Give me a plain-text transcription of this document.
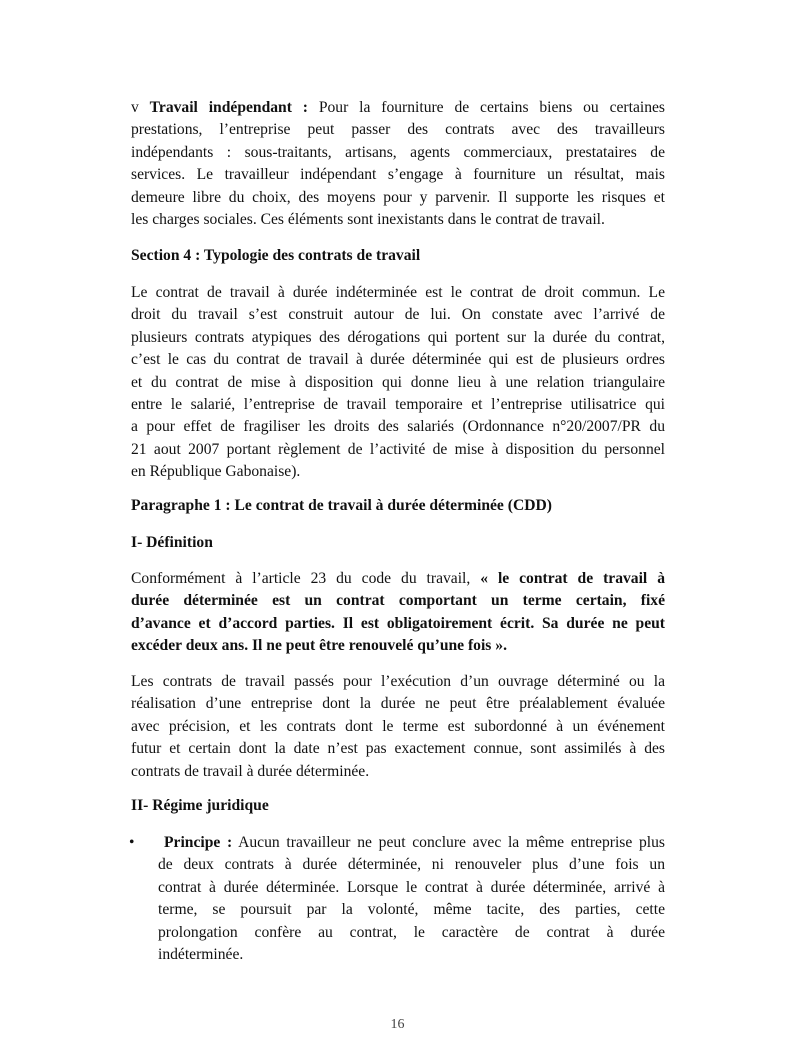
v Travail indépendant : Pour la fourniture de certains biens ou certaines
prestations, l’entreprise peut passer des contrats avec des travailleurs
indépendants : sous-traitants, artisans, agents commerciaux, prestataires de
services. Le travailleur indépendant s’engage à fourniture un résultat, mais
demeure libre du choix, des moyens pour y parvenir. Il supporte les risques et
les charges sociales. Ces éléments sont inexistants dans le contrat de travail.
Section 4 : Typologie des contrats de travail
Le contrat de travail à durée indéterminée est le contrat de droit commun. Le
droit du travail s’est construit autour de lui. On constate avec l’arrivé de
plusieurs contrats atypiques des dérogations qui portent sur la durée du contrat,
c’est le cas du contrat de travail à durée déterminée qui est de plusieurs ordres
et du contrat de mise à disposition qui donne lieu à une relation triangulaire
entre le salarié, l’entreprise de travail temporaire et l’entreprise utilisatrice qui
a pour effet de fragiliser les droits des salariés (Ordonnance n°20/2007/PR du
21 aout 2007 portant règlement de l’activité de mise à disposition du personnel
en République Gabonaise).
Paragraphe 1 : Le contrat de travail à durée déterminée (CDD)
I- Définition
Conformément à l’article 23 du code du travail, « le contrat de travail à
durée déterminée est un contrat comportant un terme certain, fixé
d’avance et d’accord parties. Il est obligatoirement écrit. Sa durée ne peut
excéder deux ans. Il ne peut être renouvelé qu’une fois ».
Les contrats de travail passés pour l’exécution d’un ouvrage déterminé ou la
réalisation d’une entreprise dont la durée ne peut être préalablement évaluée
avec précision, et les contrats dont le terme est subordonné à un événement
futur et certain dont la date n’est pas exactement connue, sont assimilés à des
contrats de travail à durée déterminée.
II- Régime juridique
•	Principe : Aucun travailleur ne peut conclure avec la même entreprise plus
de deux contrats à durée déterminée, ni renouveler plus d’une fois un
contrat à durée déterminée. Lorsque le contrat à durée déterminée, arrivé à
terme, se poursuit par la volonté, même tacite, des parties, cette
prolongation confère au contrat, le caractère de contrat à durée
indéterminée.
16
